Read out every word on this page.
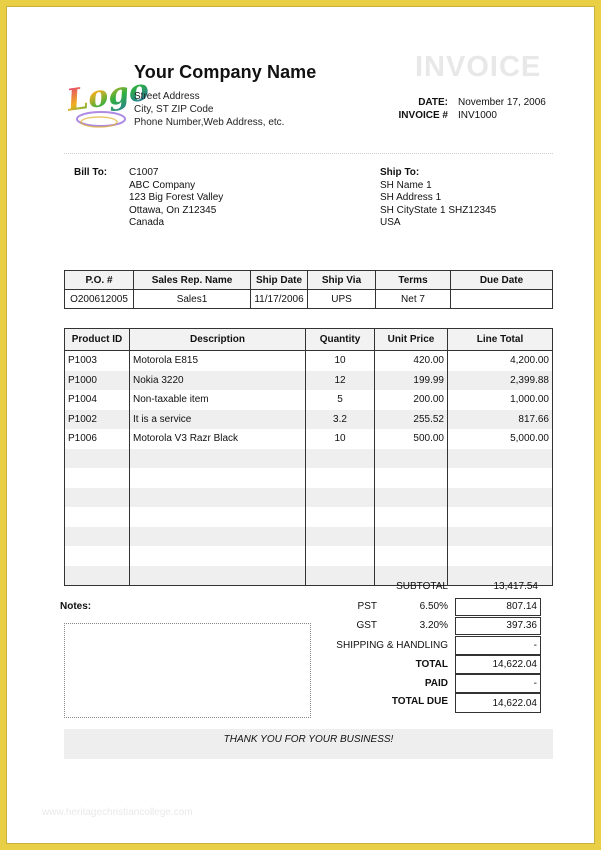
Logo
Your Company Name
Street Address
City, ST ZIP Code
Phone Number,Web Address, etc.
INVOICE
DATE: November 17, 2006
INVOICE # INV1000
Bill To: C1007
ABC Company
123 Big Forest Valley
Ottawa, On Z12345
Canada
Ship To:
SH Name 1
SH Address 1
SH CityState 1 SHZ12345
USA
P.O. #	Sales Rep. Name	Ship Date	Ship Via	Terms	Due Date
O200612005	Sales1	11/17/2006	UPS	Net 7	
Product ID	Description	Quantity	Unit Price	Line Total
P1003	Motorola E815	10	420.00	4,200.00
P1000	Nokia 3220	12	199.99	2,399.88
P1004	Non-taxable item	5	200.00	1,000.00
P1002	It is a service	3.2	255.52	817.66
P1006	Motorola V3 Razr Black	10	500.00	5,000.00

Notes:
SUBTOTAL	13,417.54
PST	6.50%	807.14
GST	3.20%	397.36
SHIPPING & HANDLING	-
TOTAL	14,622.04
PAID	-
TOTAL DUE	14,622.04
THANK YOU FOR YOUR BUSINESS!
www.heritagechristiancollege.com
